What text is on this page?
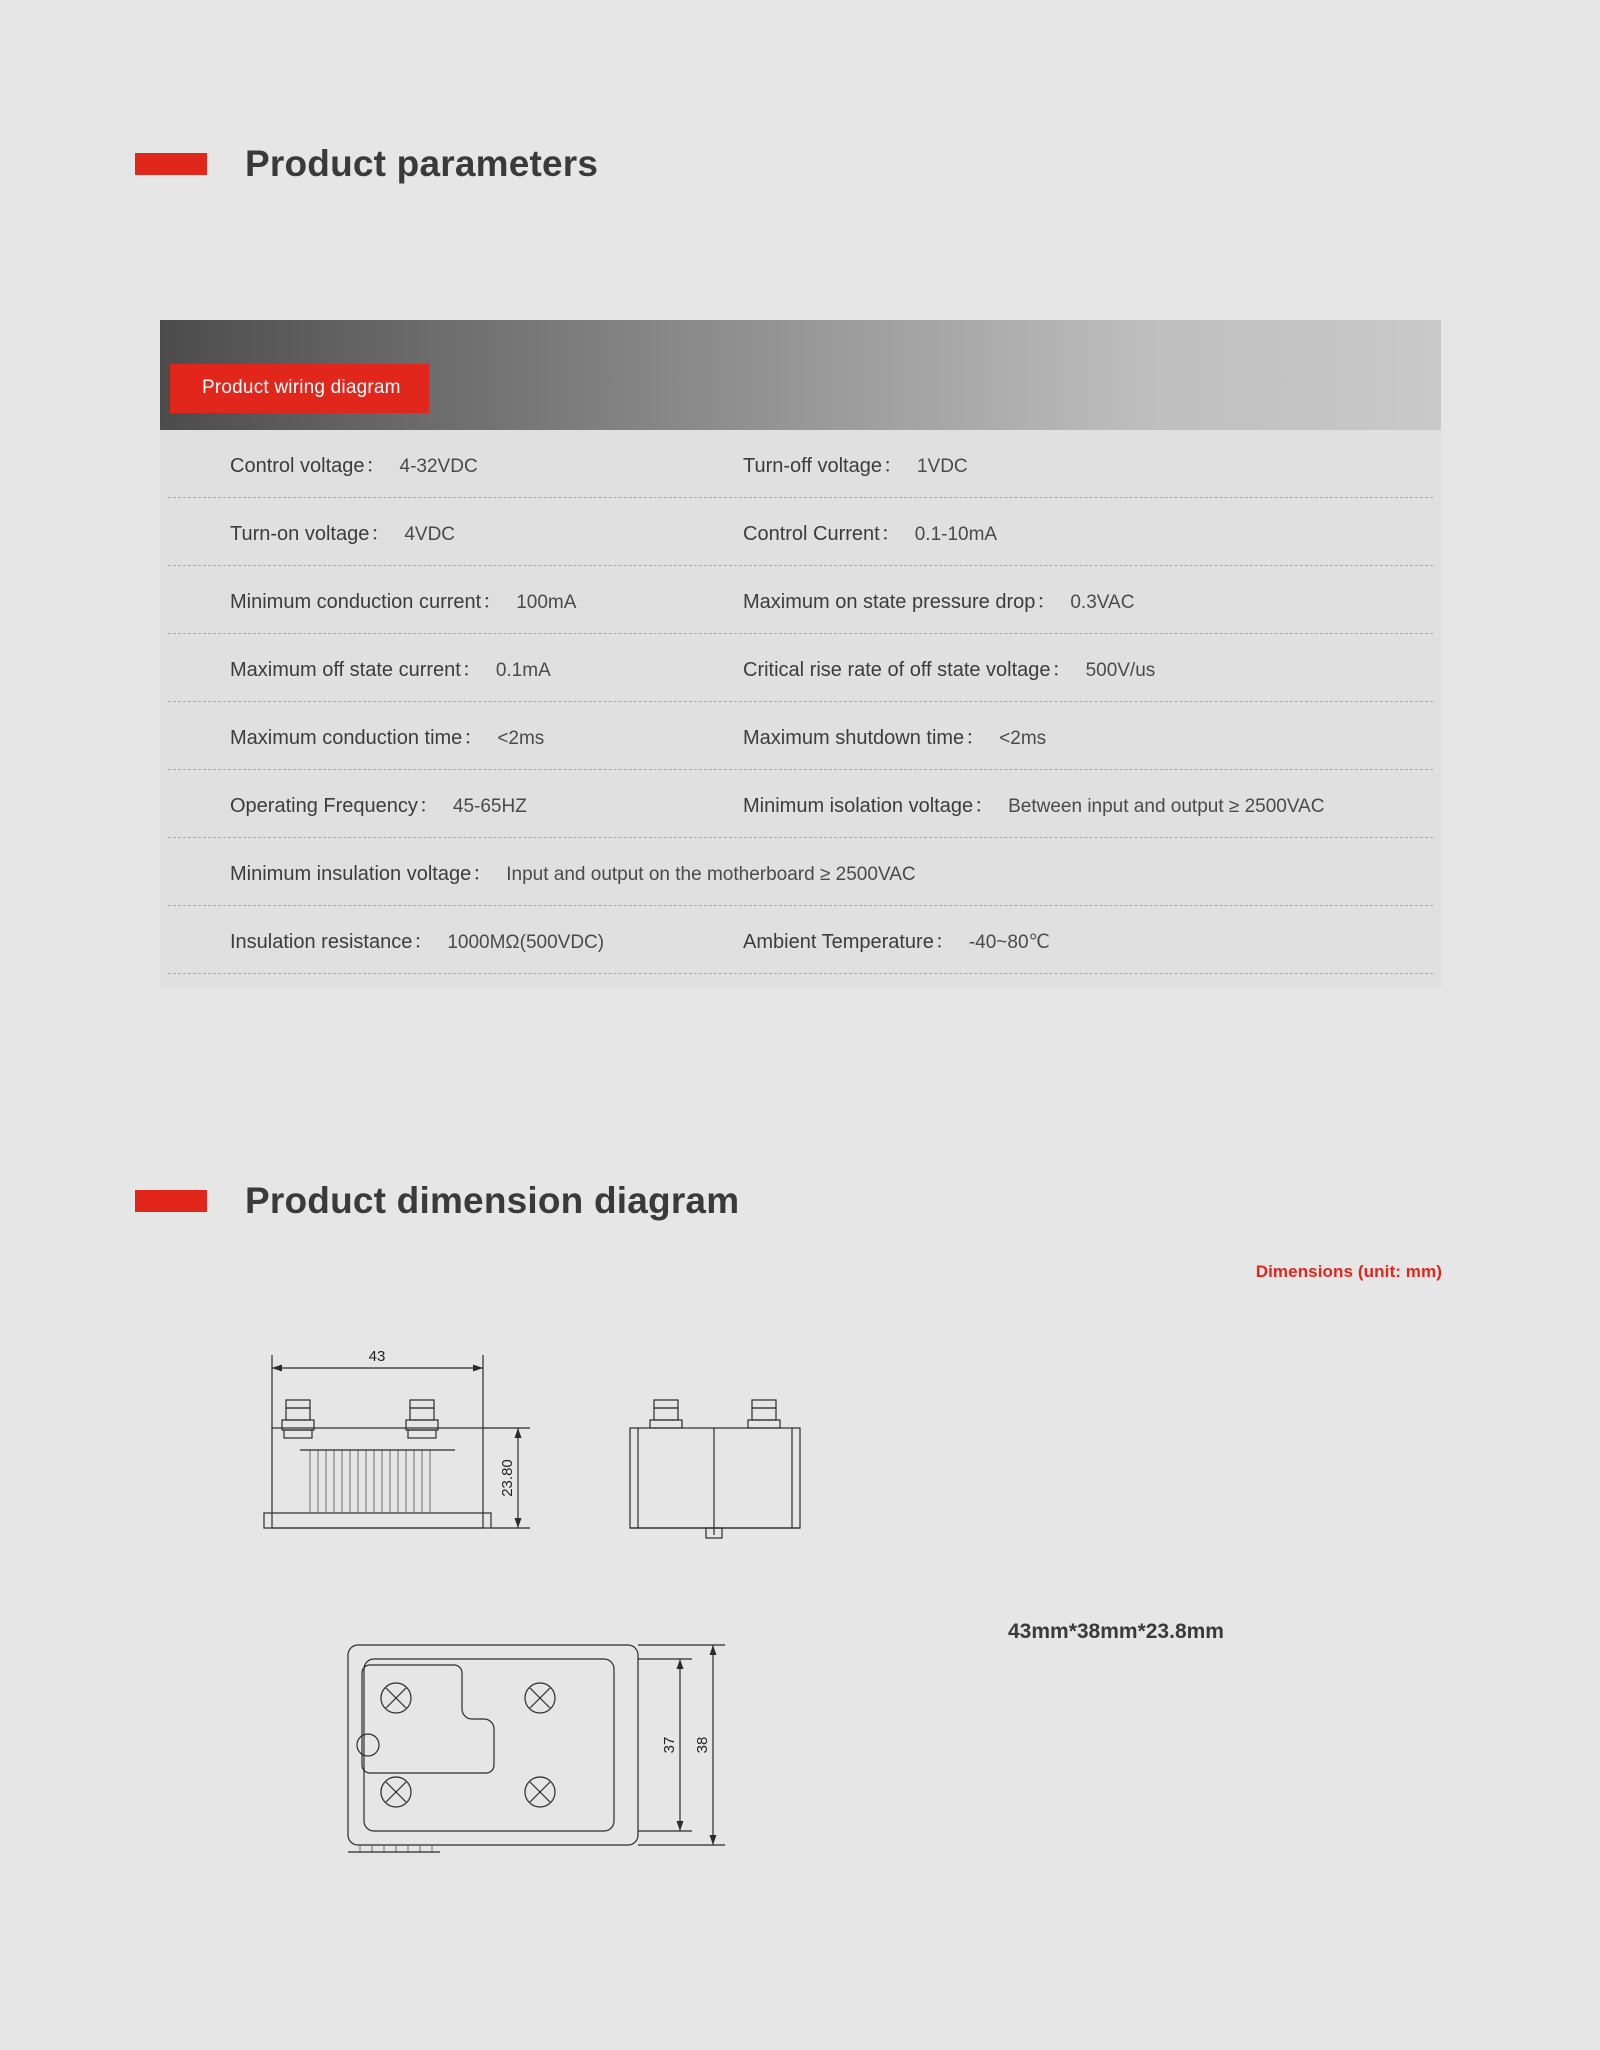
Product parameters
Product wiring diagram
Control voltage ： 4-32VDC	Turn-off voltage ： 1VDC
Turn-on voltage ： 4VDC	Control Current ： 0.1-10mA
Minimum conduction current ： 100mA	Maximum on state pressure drop ： 0.3VAC
Maximum off state current ： 0.1mA	Critical rise rate of off state voltage ： 500V/us
Maximum conduction time ： <2ms	Maximum shutdown time ： <2ms
Operating Frequency ： 45-65HZ	Minimum isolation voltage ： Between input and output ≥ 2500VAC
Minimum insulation voltage ： Input and output on the motherboard ≥ 2500VAC
Insulation resistance ： 1000MΩ(500VDC)	Ambient Temperature ： -40~80℃
Product dimension diagram
Dimensions (unit: mm)
43mm*38mm*23.8mm
43
23.80
37 38
